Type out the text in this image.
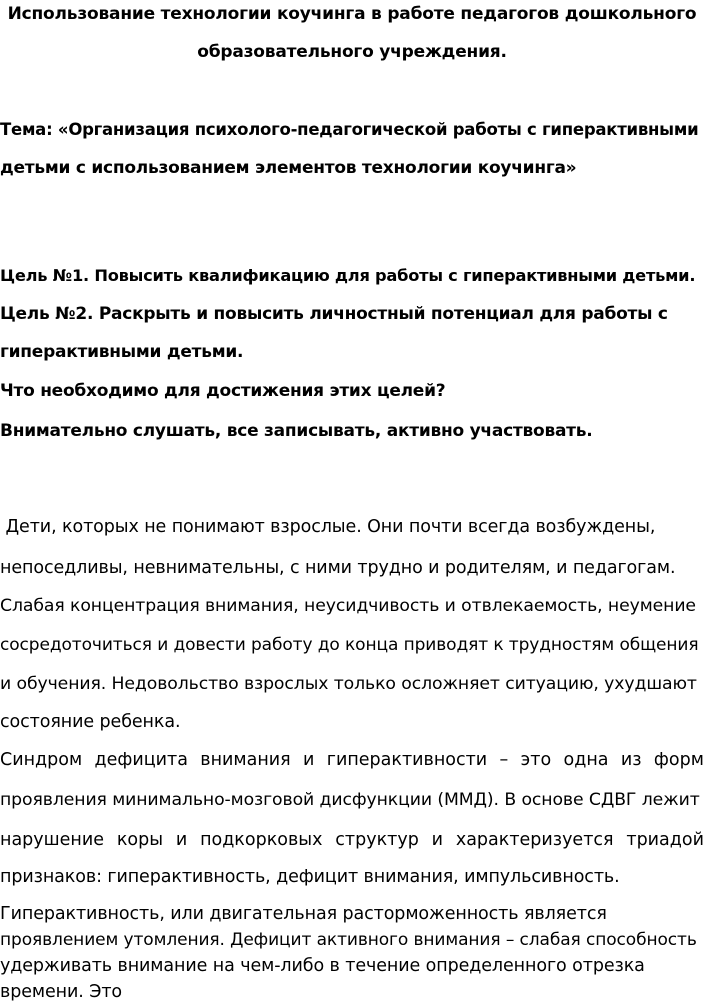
Использование технологии коучинга в работе педагогов дошкольного

образовательного учреждения.

Тема: «Организация психолого-педагогической работы с гиперактивными

детьми с использованием элементов технологии коучинга»

Цель №1. Повысить квалификацию для работы с гиперактивными детьми.

Цель №2. Раскрыть и повысить личностный потенциал для работы с

гиперактивными детьми.

Что необходимо для достижения этих целей?

Внимательно слушать, все записывать, активно участвовать.

Дети, которых не понимают взрослые. Они почти всегда возбуждены,

непоседливы, невнимательны, с ними трудно и родителям, и педагогам.

Слабая концентрация внимания, неусидчивость и отвлекаемость, неумение

сосредоточиться и довести работу до конца приводят к трудностям общения

и обучения. Недовольство взрослых только осложняет ситуацию, ухудшают

состояние ребенка.

Синдром дефицита внимания и гиперактивности – это одна из форм

проявления минимально-мозговой дисфункции (ММД). В основе СДВГ лежит

нарушение коры и подкорковых структур и характеризуется триадой

признаков: гиперактивность, дефицит внимания, импульсивность.

Гиперактивность, или двигательная расторможенность является

проявлением утомления. Дефицит активного внимания – слабая способность

удерживать внимание на чем-либо в течение определенного отрезка

времени. Это
